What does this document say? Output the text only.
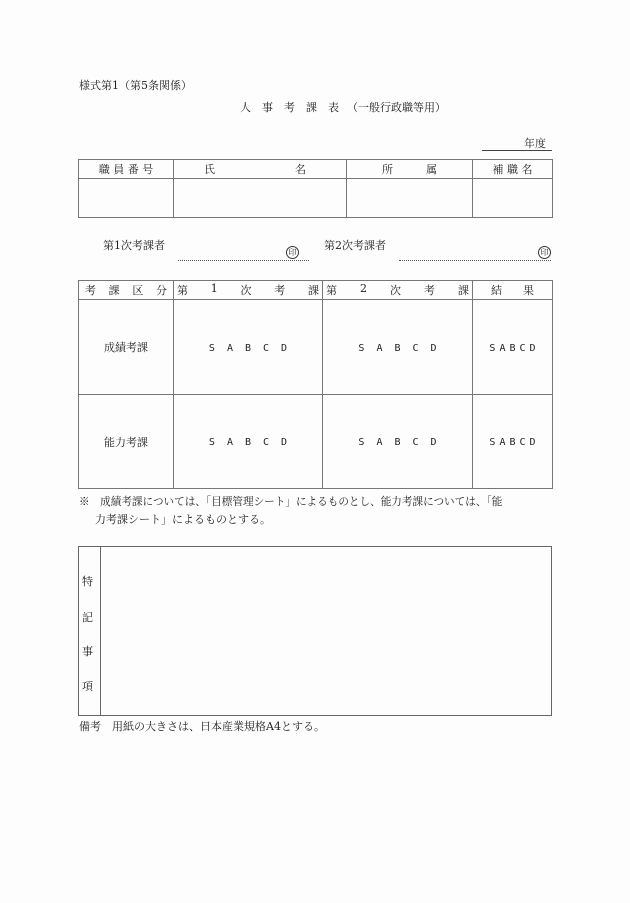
様式第1（第5条関係）
人 事 考 課 表 （一般行政職等用）
年度
職 員 番 号	氏 名	所 属	補 職 名

第1次考課者
印
第2次考課者
印
考 課 区 分	第 1 次 考 課	第 2 次 考 課	結 果

成績考課	S A B C D	S A B C D	S A B C D

能力考課	S A B C D	S A B C D	S A B C D
※　成績考課については、「目標管理シート」によるものとし、能力考課については、「能
力考課シート」によるものとする。
特
記
事
項
備考　用紙の大きさは、日本産業規格A4とする。
